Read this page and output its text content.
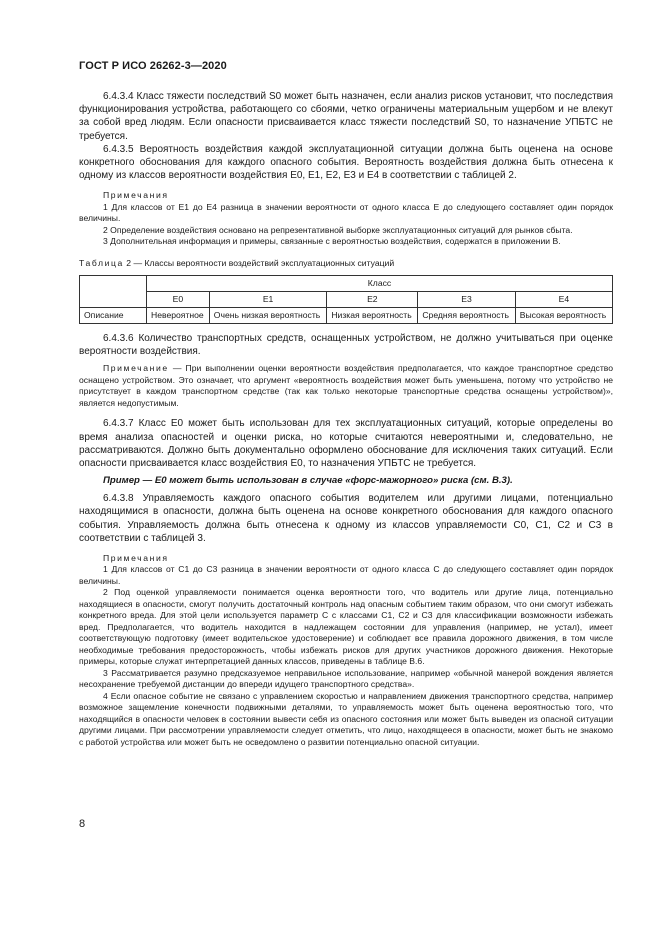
ГОСТ Р ИСО 26262-3—2020

6.4.3.4 Класс тяжести последствий S0 может быть назначен, если анализ рисков установит, что последствия функционирования устройства, работающего со сбоями, четко ограничены материальным ущербом и не влекут за собой вред людям. Если опасности присваивается класс тяжести последствий S0, то назначение УПБТС не требуется.

6.4.3.5 Вероятность воздействия каждой эксплуатационной ситуации должна быть оценена на основе конкретного обоснования для каждого опасного события. Вероятность воздействия должна быть отнесена к одному из классов вероятности воздействия E0, E1, E2, E3 и E4 в соответствии с таблицей 2.

Примечания

1 Для классов от E1 до E4 разница в значении вероятности от одного класса E до следующего составляет один порядок величины.

2 Определение воздействия основано на репрезентативной выборке эксплуатационных ситуаций для рынков сбыта.

3 Дополнительная информация и примеры, связанные с вероятностью воздействия, содержатся в приложении B.

Таблица 2 — Классы вероятности воздействий эксплуатационных ситуаций

	Класс				
	E0	E1	E2	E3	E4
Описание	Невероятное	Очень низкая вероятность	Низкая вероятность	Средняя вероятность	Высокая вероятность

6.4.3.6 Количество транспортных средств, оснащенных устройством, не должно учитываться при оценке вероятности воздействия.

Примечание — При выполнении оценки вероятности воздействия предполагается, что каждое транспортное средство оснащено устройством. Это означает, что аргумент «вероятность воздействия может быть уменьшена, потому что устройство не присутствует в каждом транспортном средстве (так как только некоторые транспортные средства оснащены устройством)», является недопустимым.

6.4.3.7 Класс E0 может быть использован для тех эксплуатационных ситуаций, которые определены во время анализа опасностей и оценки риска, но которые считаются невероятными и, следовательно, не рассматриваются. Должно быть документально оформлено обоснование для исключения таких ситуаций. Если опасности присваивается класс воздействия E0, то назначения УПБТС не требуется.

Пример — E0 может быть использован в случае «форс-мажорного» риска (см. B.3).

6.4.3.8 Управляемость каждого опасного события водителем или другими лицами, потенциально находящимися в опасности, должна быть оценена на основе конкретного обоснования для каждого опасного события. Управляемость должна быть отнесена к одному из классов управляемости C0, C1, C2 и C3 в соответствии с таблицей 3.

Примечания

1 Для классов от C1 до C3 разница в значении вероятности от одного класса C до следующего составляет один порядок величины.

2 Под оценкой управляемости понимается оценка вероятности того, что водитель или другие лица, потенциально находящиеся в опасности, смогут получить достаточный контроль над опасным событием таким образом, что они смогут избежать конкретного вреда. Для этой цели используется параметр C с классами C1, C2 и C3 для классификации возможности избежать вред. Предполагается, что водитель находится в надлежащем состоянии для управления (например, не устал), имеет соответствующую подготовку (имеет водительское удостоверение) и соблюдает все правила дорожного движения, в том числе необходимые требования предосторожность, чтобы избежать рисков для других участников дорожного движения. Некоторые примеры, которые служат интерпретацией данных классов, приведены в таблице B.6.

3 Рассматривается разумно предсказуемое неправильное использование, например «обычной манерой вождения является несохранение требуемой дистанции до впереди идущего транспортного средства».

4 Если опасное событие не связано с управлением скоростью и направлением движения транспортного средства, например возможное защемление конечности подвижными деталями, то управляемость может быть оценена вероятностью того, что находящийся в опасности человек в состоянии вывести себя из опасного состояния или может быть выведен из опасной ситуации другими лицами. При рассмотрении управляемости следует отметить, что лицо, находящееся в опасности, может быть не знакомо с работой устройства или может быть не осведомлено о развитии потенциально опасной ситуации.

8
